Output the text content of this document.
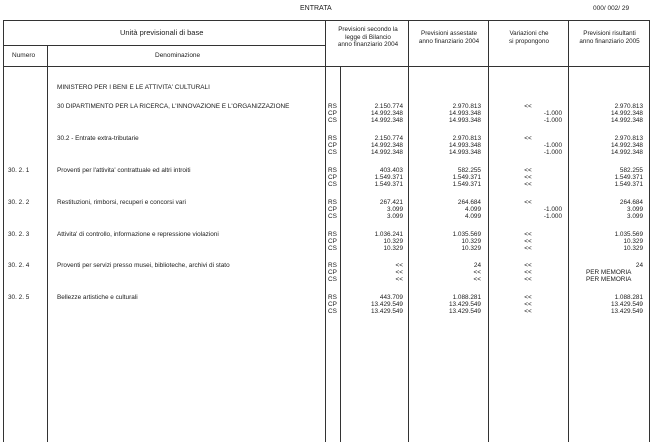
ENTRATA	000/ 002/ 29
Unità previsionali di base
Numero	Denominazione
Previsioni secondo la
legge di Bilancio
anno finanziario 2004
Previsioni assestate
anno finanziario 2004
Variazioni che
si propongono
Previsioni risultanti
anno finanziario 2005
MINISTERO PER I BENI E LE ATTIVITA' CULTURALI
30 DIPARTIMENTO PER LA RICERCA, L'INNOVAZIONE E L'ORGANIZZAZIONE	RS	2.150.774	2.970.813	<<	2.970.813
CP	14.992.348	14.993.348	-1.000	14.992.348
CS	14.992.348	14.993.348	-1.000	14.992.348
30.2 - Entrate extra-tributarie	RS	2.150.774	2.970.813	<<	2.970.813
CP	14.992.348	14.993.348	-1.000	14.992.348
CS	14.992.348	14.993.348	-1.000	14.992.348
30. 2. 1	Proventi per l'attivita' contrattuale ed altri introiti	RS	403.403	582.255	<<	582.255
CP	1.549.371	1.549.371	<<	1.549.371
CS	1.549.371	1.549.371	<<	1.549.371
30. 2. 2	Restituzioni, rimborsi, recuperi e concorsi vari	RS	267.421	264.684	<<	264.684
CP	3.099	4.099	-1.000	3.099
CS	3.099	4.099	-1.000	3.099
30. 2. 3	Attivita' di controllo, informazione e repressione violazioni	RS	1.036.241	1.035.569	<<	1.035.569
CP	10.329	10.329	<<	10.329
CS	10.329	10.329	<<	10.329
30. 2. 4	Proventi per servizi presso musei, biblioteche, archivi di stato	RS	<<	24	<<	24
CP	<<	<<	<<	PER MEMORIA
CS	<<	<<	<<	PER MEMORIA
30. 2. 5	Bellezze artistiche e culturali	RS	443.709	1.088.281	<<	1.088.281
CP	13.429.549	13.429.549	<<	13.429.549
CS	13.429.549	13.429.549	<<	13.429.549
